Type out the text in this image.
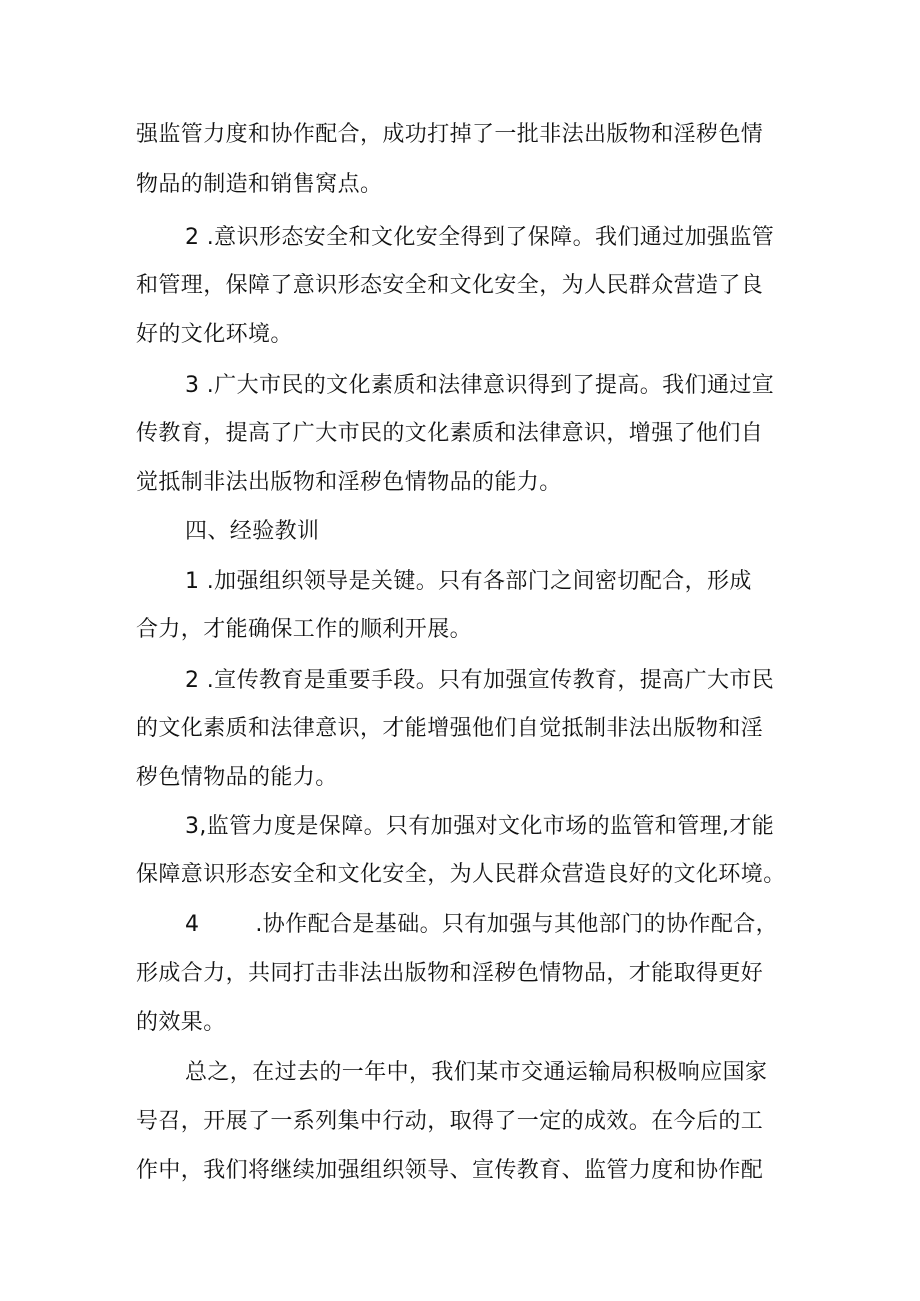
强监管力度和协作配合，成功打掉了一批非法出版物和淫秽色情
物品的制造和销售窝点。
2 .意识形态安全和文化安全得到了保障。我们通过加强监管
和管理，保障了意识形态安全和文化安全，为人民群众营造了良
好的文化环境。
3 .广大市民的文化素质和法律意识得到了提高。我们通过宣
传教育，提高了广大市民的文化素质和法律意识，增强了他们自
觉抵制非法出版物和淫秽色情物品的能力。
四、经验教训
1 .加强组织领导是关键。只有各部门之间密切配合，形成
合力，才能确保工作的顺利开展。
2 .宣传教育是重要手段。只有加强宣传教育，提高广大市民
的文化素质和法律意识，才能增强他们自觉抵制非法出版物和淫
秽色情物品的能力。
3,监管力度是保障。只有加强对文化市场的监管和管理,才能
保障意识形态安全和文化安全，为人民群众营造良好的文化环境。
4	.协作配合是基础。只有加强与其他部门的协作配合，
形成合力，共同打击非法出版物和淫秽色情物品，才能取得更好
的效果。
总之，在过去的一年中，我们某市交通运输局积极响应国家
号召，开展了一系列集中行动，取得了一定的成效。在今后的工
作中，我们将继续加强组织领导、宣传教育、监管力度和协作配
